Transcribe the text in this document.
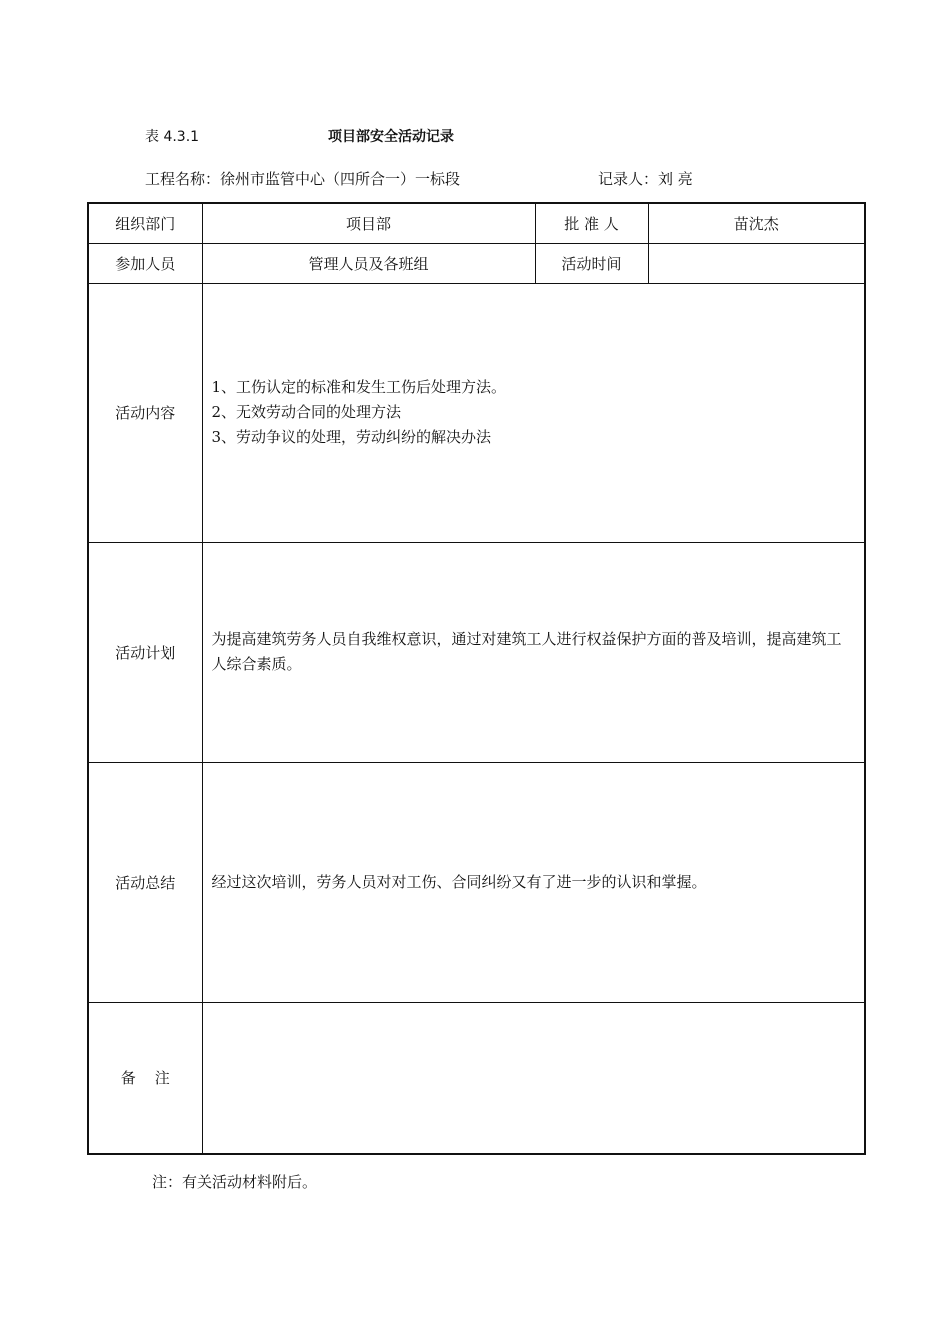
表 4.3.1	项目部安全活动记录
工程名称：徐州市监管中心（四所合一）一标段	记录人：刘 亮
组织部门	项目部	批 准 人	苗沈杰
参加人员	管理人员及各班组	活动时间	
活动内容	1、工伤认定的标准和发生工伤后处理方法。
2、无效劳动合同的处理方法
3、劳动争议的处理，劳动纠纷的解决办法		

活动计划	为提高建筑劳务人员自我维权意识，通过对建筑工人进行权益保护方面的普及培训，提高建筑工人综合素质。		
活动总结	经过这次培训，劳务人员对对工伤、合同纠纷又有了进一步的认识和掌握。		
备    注			
注：有关活动材料附后。
